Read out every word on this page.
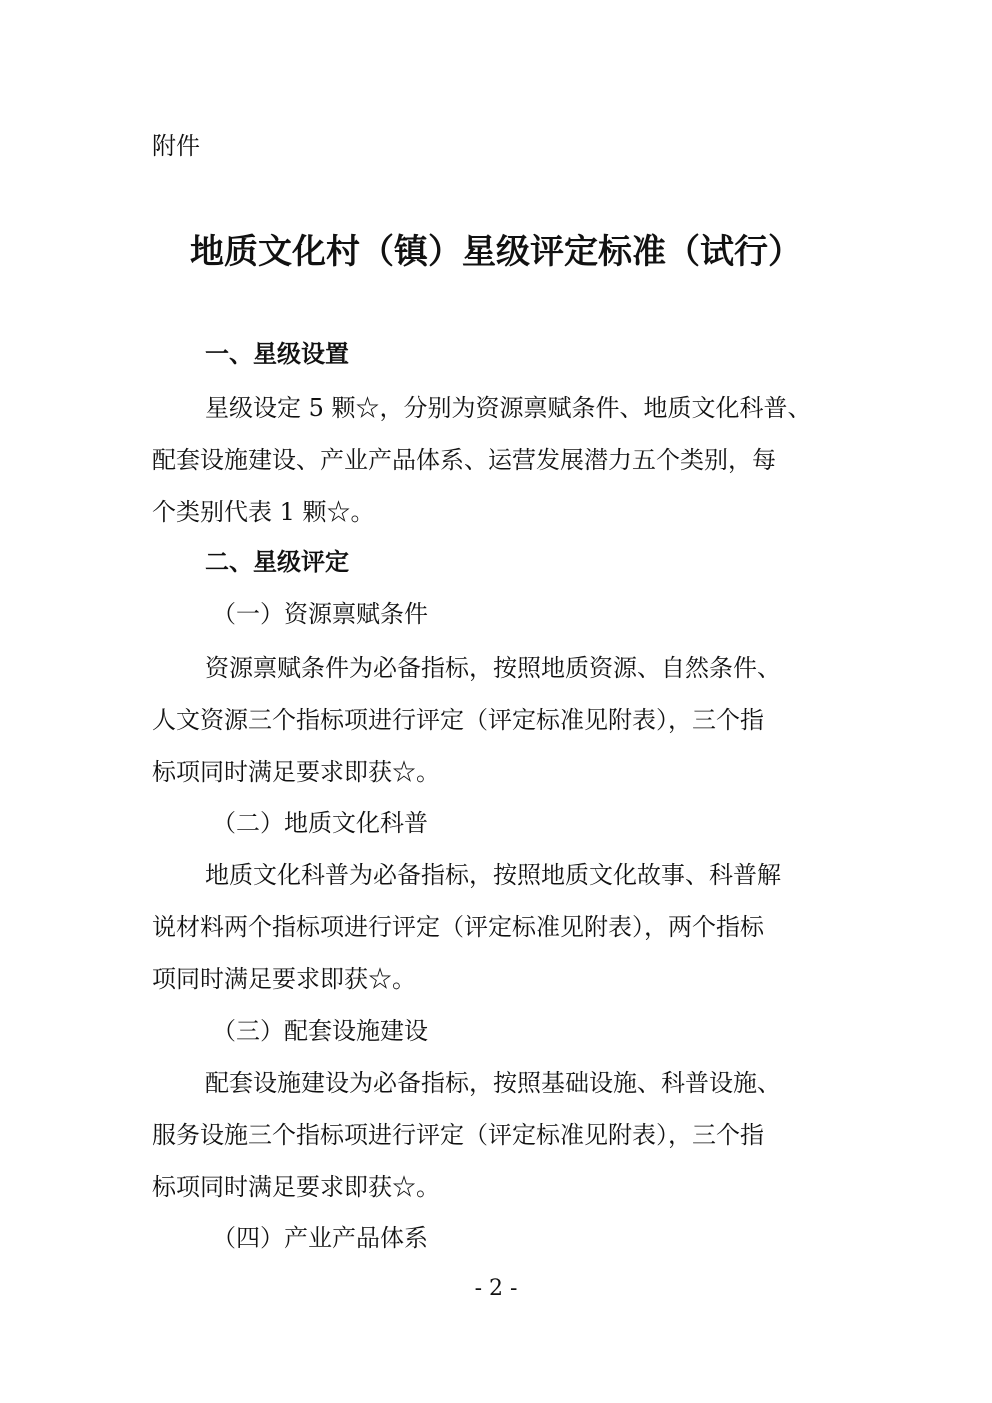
附件
地质文化村（镇）星级评定标准（试行）
一、星级设置
星级设定 5 颗☆，分别为资源禀赋条件、地质文化科普、
配套设施建设、产业产品体系、运营发展潜力五个类别，每
个类别代表 1 颗☆。
二、星级评定
（一）资源禀赋条件
资源禀赋条件为必备指标，按照地质资源、自然条件、
人文资源三个指标项进行评定（评定标准见附表），三个指
标项同时满足要求即获☆。
（二）地质文化科普
地质文化科普为必备指标，按照地质文化故事、科普解
说材料两个指标项进行评定（评定标准见附表），两个指标
项同时满足要求即获☆。
（三）配套设施建设
配套设施建设为必备指标，按照基础设施、科普设施、
服务设施三个指标项进行评定（评定标准见附表），三个指
标项同时满足要求即获☆。
（四）产业产品体系
- 2 -
